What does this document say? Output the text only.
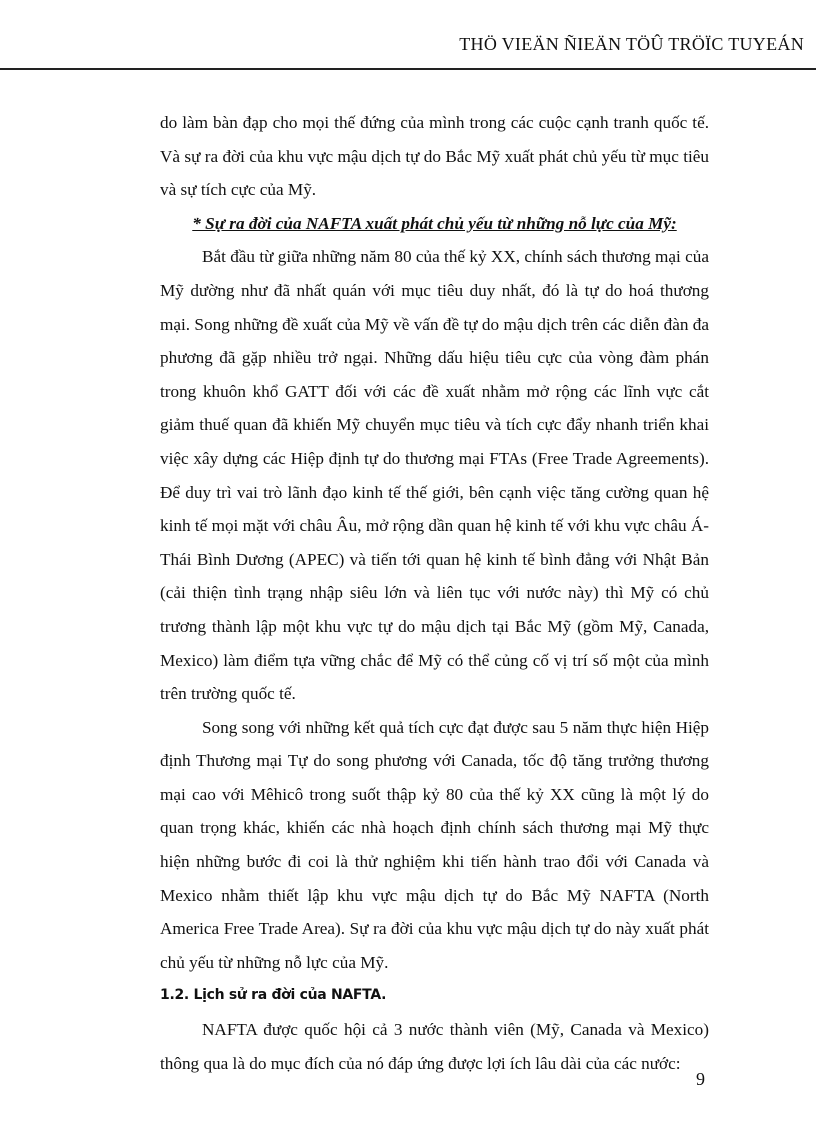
THÖ VIEÄN ÑIEÄN TÖÛ TRÖÏC TUYEÁN

do làm bàn đạp cho mọi thế đứng của mình trong các cuộc cạnh tranh quốc tế. Và sự ra đời của khu vực mậu dịch tự do Bắc Mỹ xuất phát chủ yếu từ mục tiêu và sự tích cực của Mỹ.

* Sự ra đời của NAFTA xuất phát chủ yếu từ những nỗ lực của Mỹ:

Bắt đầu từ giữa những năm 80 của thế kỷ XX, chính sách thương mại của Mỹ dường như đã nhất quán với mục tiêu duy nhất, đó là tự do hoá thương mại. Song những đề xuất của Mỹ về vấn đề tự do mậu dịch trên các diễn đàn đa phương đã gặp nhiều trở ngại. Những dấu hiệu tiêu cực của vòng đàm phán trong khuôn khổ GATT đối với các đề xuất nhằm mở rộng các lĩnh vực cắt giảm thuế quan đã khiến Mỹ chuyển mục tiêu và tích cực đẩy nhanh triển khai việc xây dựng các Hiệp định tự do thương mại FTAs (Free Trade Agreements). Để duy trì vai trò lãnh đạo kinh tế thế giới, bên cạnh việc tăng cường quan hệ kinh tế mọi mặt với châu Âu, mở rộng dần quan hệ kinh tế với khu vực châu Á-Thái Bình Dương (APEC) và tiến tới quan hệ kinh tế bình đẳng với Nhật Bản (cải thiện tình trạng nhập siêu lớn và liên tục với nước này) thì Mỹ có chủ trương thành lập một khu vực tự do mậu dịch tại Bắc Mỹ (gồm Mỹ, Canada, Mexico) làm điểm tựa vững chắc để Mỹ có thể củng cố vị trí số một của mình trên trường quốc tế.

Song song với những kết quả tích cực đạt được sau 5 năm thực hiện Hiệp định Thương mại Tự do song phương với Canada, tốc độ tăng trưởng thương mại cao với Mêhicô trong suốt thập kỷ 80 của thế kỷ XX cũng là một lý do quan trọng khác, khiến các nhà hoạch định chính sách thương mại Mỹ thực hiện những bước đi coi là thử nghiệm khi tiến hành trao đổi với Canada và Mexico nhằm thiết lập khu vực mậu dịch tự do Bắc Mỹ NAFTA (North America Free Trade Area). Sự ra đời của khu vực mậu dịch tự do này xuất phát chủ yếu từ những nỗ lực của Mỹ.

1.2. Lịch sử ra đời của NAFTA.

NAFTA được quốc hội cả 3 nước thành viên (Mỹ, Canada và Mexico) thông qua là do mục đích của nó đáp ứng được lợi ích lâu dài của các nước:

9
